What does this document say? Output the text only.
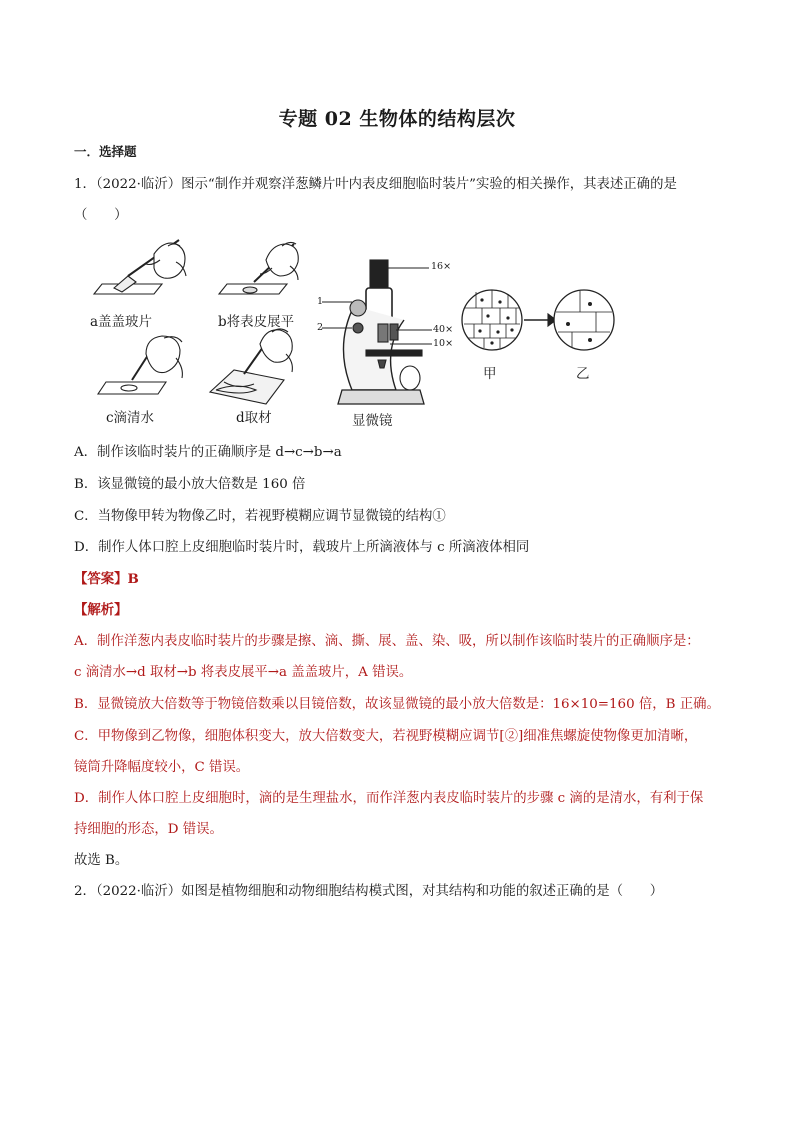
专题 02 生物体的结构层次
一．选择题
1．（2022·临沂）图示“制作并观察洋葱鳞片叶内表皮细胞临时装片”实验的相关操作，其表述正确的是
（　　）
a盖盖玻片	b将表皮展平
c滴清水	d取材	显微镜
16×
40×
10×
1
2
甲	乙
A．制作该临时装片的正确顺序是 d→c→b→a
B．该显微镜的最小放大倍数是 160 倍
C．当物像甲转为物像乙时，若视野模糊应调节显微镜的结构①
D．制作人体口腔上皮细胞临时装片时，载玻片上所滴液体与 c 所滴液体相同
【答案】B
【解析】
A．制作洋葱内表皮临时装片的步骤是擦、滴、撕、展、盖、染、吸，所以制作该临时装片的正确顺序是：
c 滴清水→d 取材→b 将表皮展平→a 盖盖玻片，A 错误。
B．显微镜放大倍数等于物镜倍数乘以目镜倍数，故该显微镜的最小放大倍数是：16×10=160 倍，B 正确。
C．甲物像到乙物像，细胞体积变大，放大倍数变大，若视野模糊应调节[②]细准焦螺旋使物像更加清晰，
镜筒升降幅度较小，C 错误。
D．制作人体口腔上皮细胞时，滴的是生理盐水，而作洋葱内表皮临时装片的步骤 c 滴的是清水，有利于保
持细胞的形态，D 错误。
故选 B。
2．（2022·临沂）如图是植物细胞和动物细胞结构模式图，对其结构和功能的叙述正确的是（　　）
